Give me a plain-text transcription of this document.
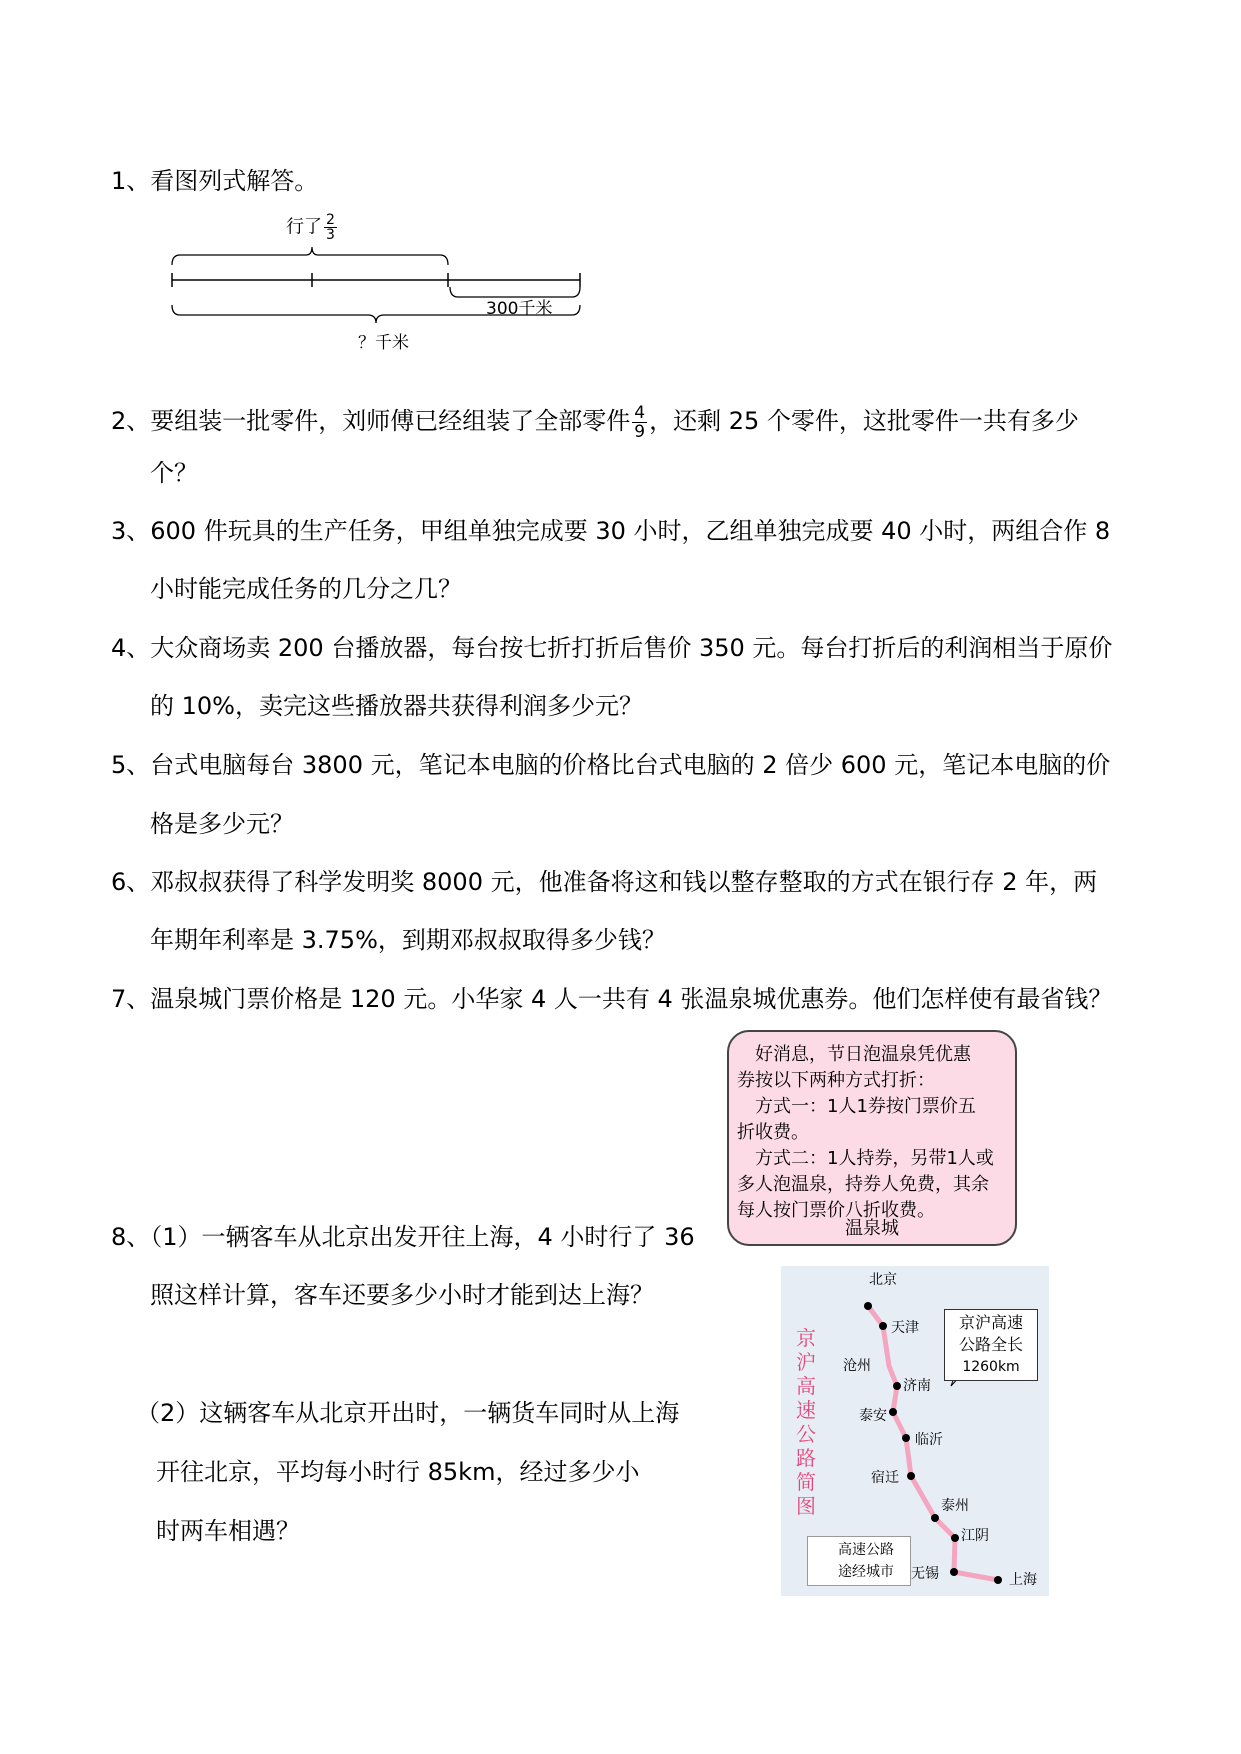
1、看图列式解答。
行了 $\frac{2}{3}$
300千米
？千米
2、要组装一批零件，刘师傅已经组装了全部零件 $\frac{4}{9}$ ，还剩 25 个零件，这批零件一共有多少
个？
3、600 件玩具的生产任务，甲组单独完成要 30 小时，乙组单独完成要 40 小时，两组合作 8
小时能完成任务的几分之几？
4、大众商场卖 200 台播放器，每台按七折打折后售价 350 元。每台打折后的利润相当于原价
的 10%，卖完这些播放器共获得利润多少元？
5、台式电脑每台 3800 元，笔记本电脑的价格比台式电脑的 2 倍少 600 元，笔记本电脑的价
格是多少元？
6、邓叔叔获得了科学发明奖 8000 元，他准备将这和钱以整存整取的方式在银行存 2 年，两
年期年利率是 3.75%，到期邓叔叔取得多少钱？
7、温泉城门票价格是 120 元。小华家 4 人一共有 4 张温泉城优惠券。他们怎样使有最省钱？
8、（1）一辆客车从北京出发开往上海，4 小时行了 36
照这样计算，客车还要多少小时才能到达上海？
（2）这辆客车从北京开出时，一辆货车同时从上海
开往北京，平均每小时行 85km，经过多少小
时两车相遇？
　好消息，节日泡温泉凭优惠
券按以下两种方式打折：
　方式一：1人1券按门票价五
折收费。
　方式二：1人持券，另带1人或
多人泡温泉，持券人免费，其余
每人按门票价八折收费。
温泉城
京沪高速公路简图
京沪高速
公路全长
1260km
北京
天津
沧州
济南
泰安
临沂
宿迁
泰州
江阴
无锡	上海
高速公路
途经城市
